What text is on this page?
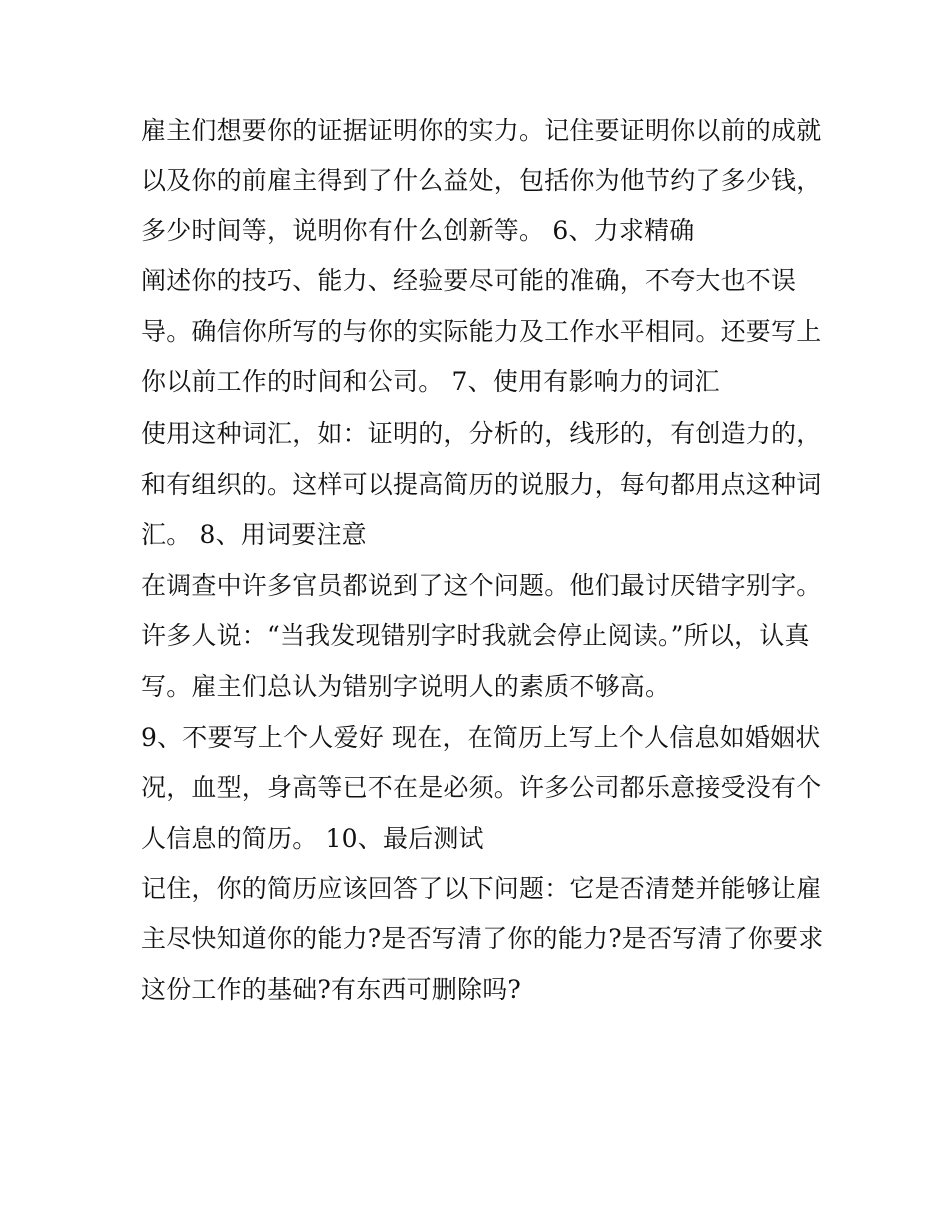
雇主们想要你的证据证明你的实力。记住要证明你以前的成就
以及你的前雇主得到了什么益处，包括你为他节约了多少钱，
多少时间等，说明你有什么创新等。 6、力求精确
阐述你的技巧、能力、经验要尽可能的准确，不夸大也不误
导。确信你所写的与你的实际能力及工作水平相同。还要写上
你以前工作的时间和公司。 7、使用有影响力的词汇
使用这种词汇，如：证明的，分析的，线形的，有创造力的，
和有组织的。这样可以提高简历的说服力，每句都用点这种词
汇。 8、用词要注意
在调查中许多官员都说到了这个问题。他们最讨厌错字别字。
许多人说：“当我发现错别字时我就会停止阅读。”所以，认真
写。雇主们总认为错别字说明人的素质不够高。
9、不要写上个人爱好 现在，在简历上写上个人信息如婚姻状
况，血型，身高等已不在是必须。许多公司都乐意接受没有个
人信息的简历。 10、最后测试
记住，你的简历应该回答了以下问题：它是否清楚并能够让雇
主尽快知道你的能力?是否写清了你的能力?是否写清了你要求
这份工作的基础?有东西可删除吗?
